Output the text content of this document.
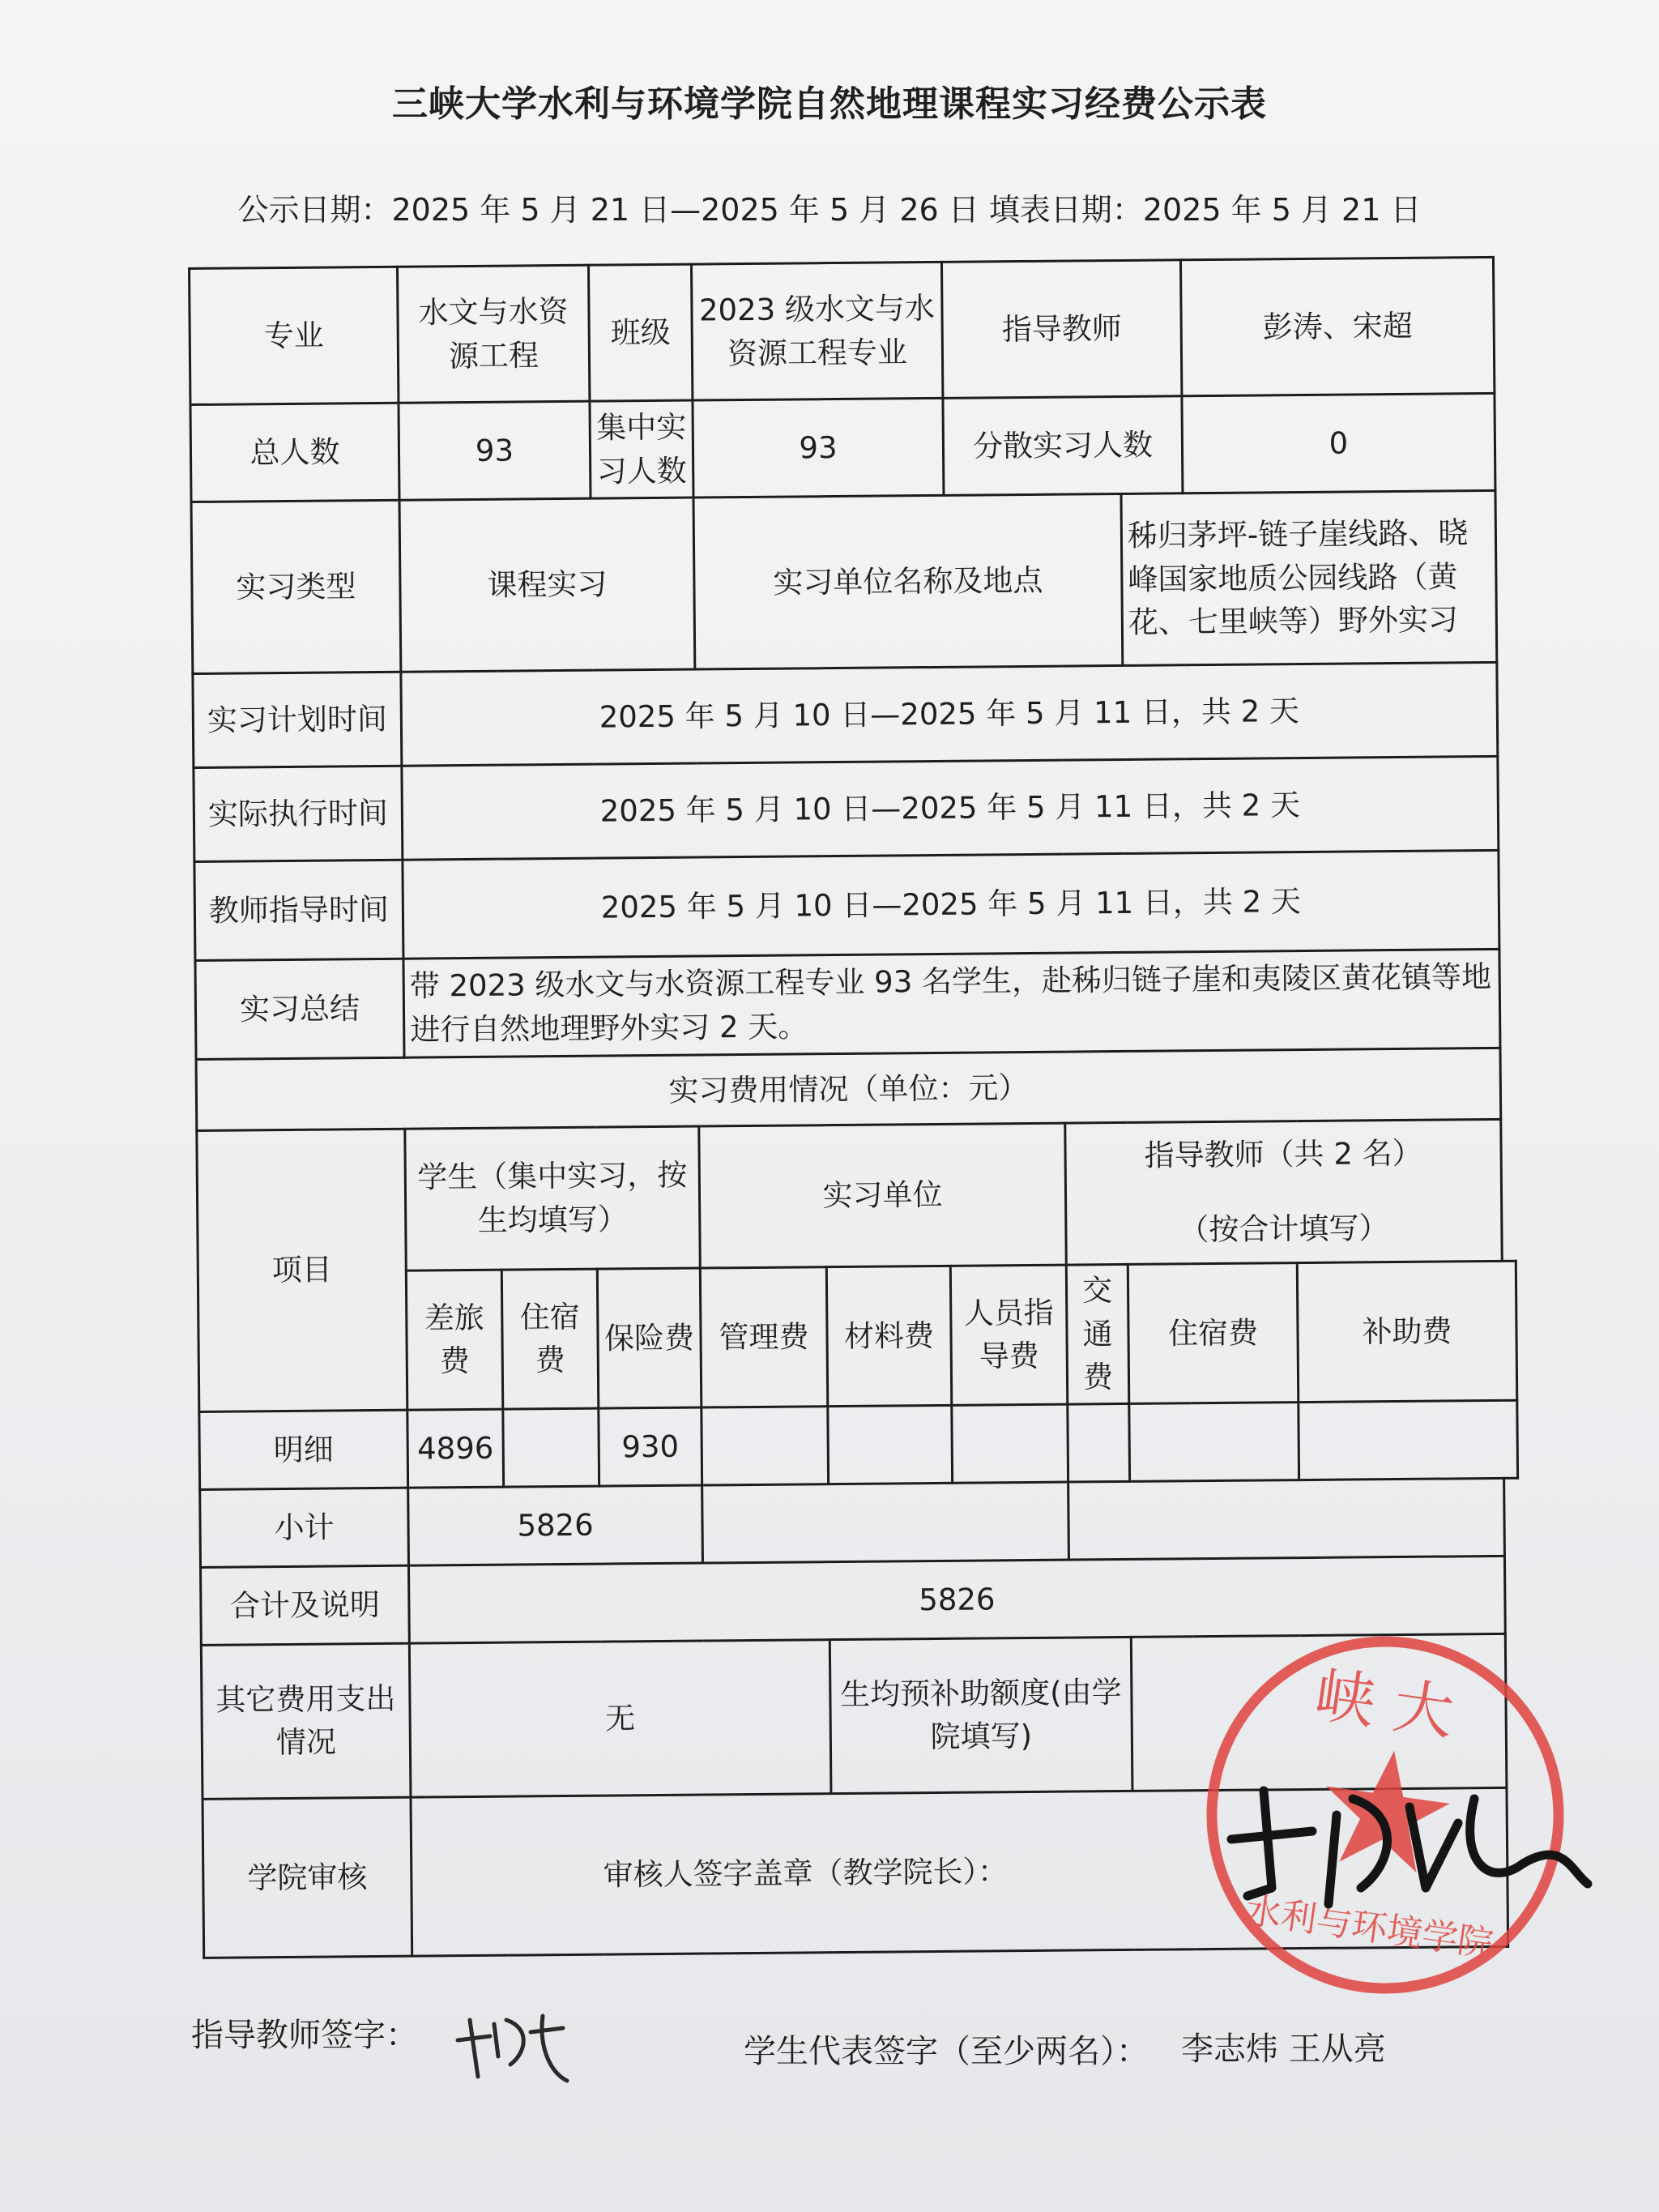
三峡大学水利与环境学院自然地理课程实习经费公示表
公示日期：2025 年 5 月 21 日—2025 年 5 月 26 日 填表日期：2025 年 5 月 21 日
专业	水文与水资源工程		班级	2023 级水文与水资源工程专业		指导教师			彭涛、宋超	
总人数	93		集中实习人数	93		分散实习人数			0	
实习类型	课程实习			实习单位名称及地点				秭归茅坪-链子崖线路、晓峰国家地质公园线路（黄花、七里峡等）野外实习		
实习计划时间	2025 年 5 月 10 日—2025 年 5 月 11 日，共 2 天									
实际执行时间	2025 年 5 月 10 日—2025 年 5 月 11 日，共 2 天									
教师指导时间	2025 年 5 月 10 日—2025 年 5 月 11 日，共 2 天									
实习总结	带 2023 级水文与水资源工程专业 93 名学生，赴秭归链子崖和夷陵区黄花镇等地进行自然地理野外实习 2 天。									
实习费用情况（单位：元）										
项目	学生（集中实习，按生均填写）			实习单位			指导教师（共 2 名）
（按合计填写）			

	差旅费	住宿费	保险费	管理费	材料费	人员指导费	交通费	住宿费		补助费
明细	4896		930							
小计	5826									
合计及说明	5826									
其它费用支出情况	无				生均预补助额度(由学院填写)					
学院审核	审核人签字盖章（教学院长）：									
峡 大
水利与环境学院
指导教师签字：	学生代表签字（至少两名）： 李志炜 王从亮
